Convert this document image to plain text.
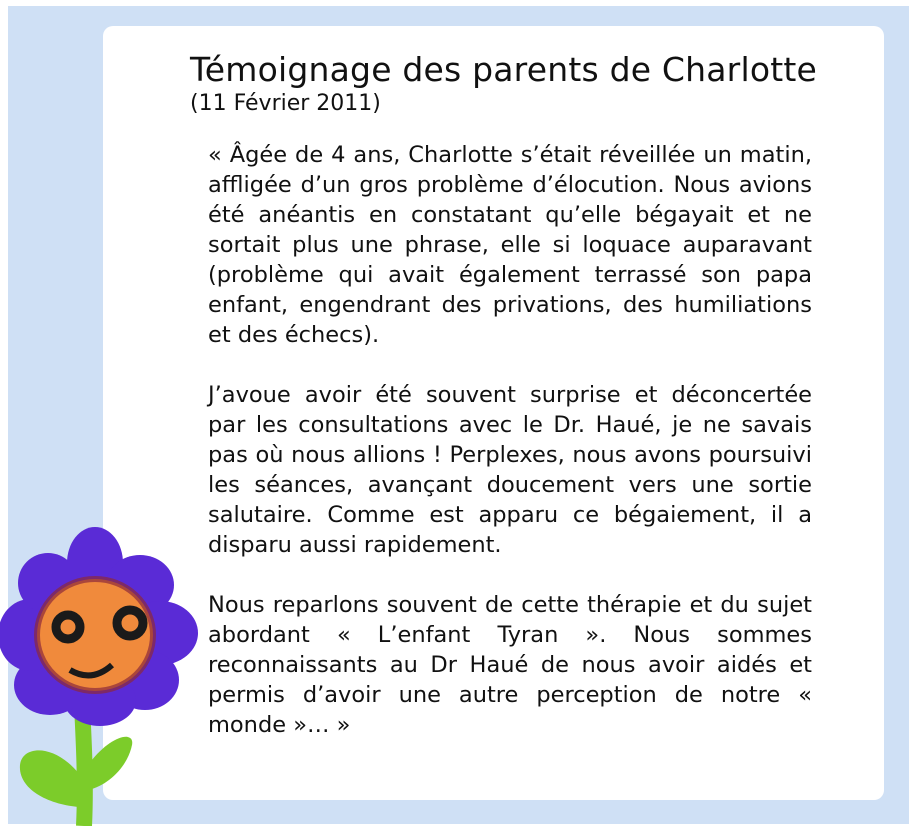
Témoignage des parents de Charlotte
(11 Février 2011)

« Âgée de 4 ans, Charlotte s’était réveillée un matin, affligée d’un gros problème d’élocution. Nous avions été anéantis en constatant qu’elle bégayait et ne sortait plus une phrase, elle si loquace auparavant (problème qui avait également terrassé son papa enfant, engendrant des privations, des humiliations et des échecs).

J’avoue avoir été souvent surprise et déconcertée par les consultations avec le Dr. Haué, je ne savais pas où nous allions ! Perplexes, nous avons poursuivi les séances, avançant doucement vers une sortie salutaire. Comme est apparu ce bégaiement, il a disparu aussi rapidement.

Nous reparlons souvent de cette thérapie et du sujet abordant « L’enfant Tyran ». Nous sommes reconnaissants au Dr Haué de nous avoir aidés et permis d’avoir une autre perception de notre « monde »… »
